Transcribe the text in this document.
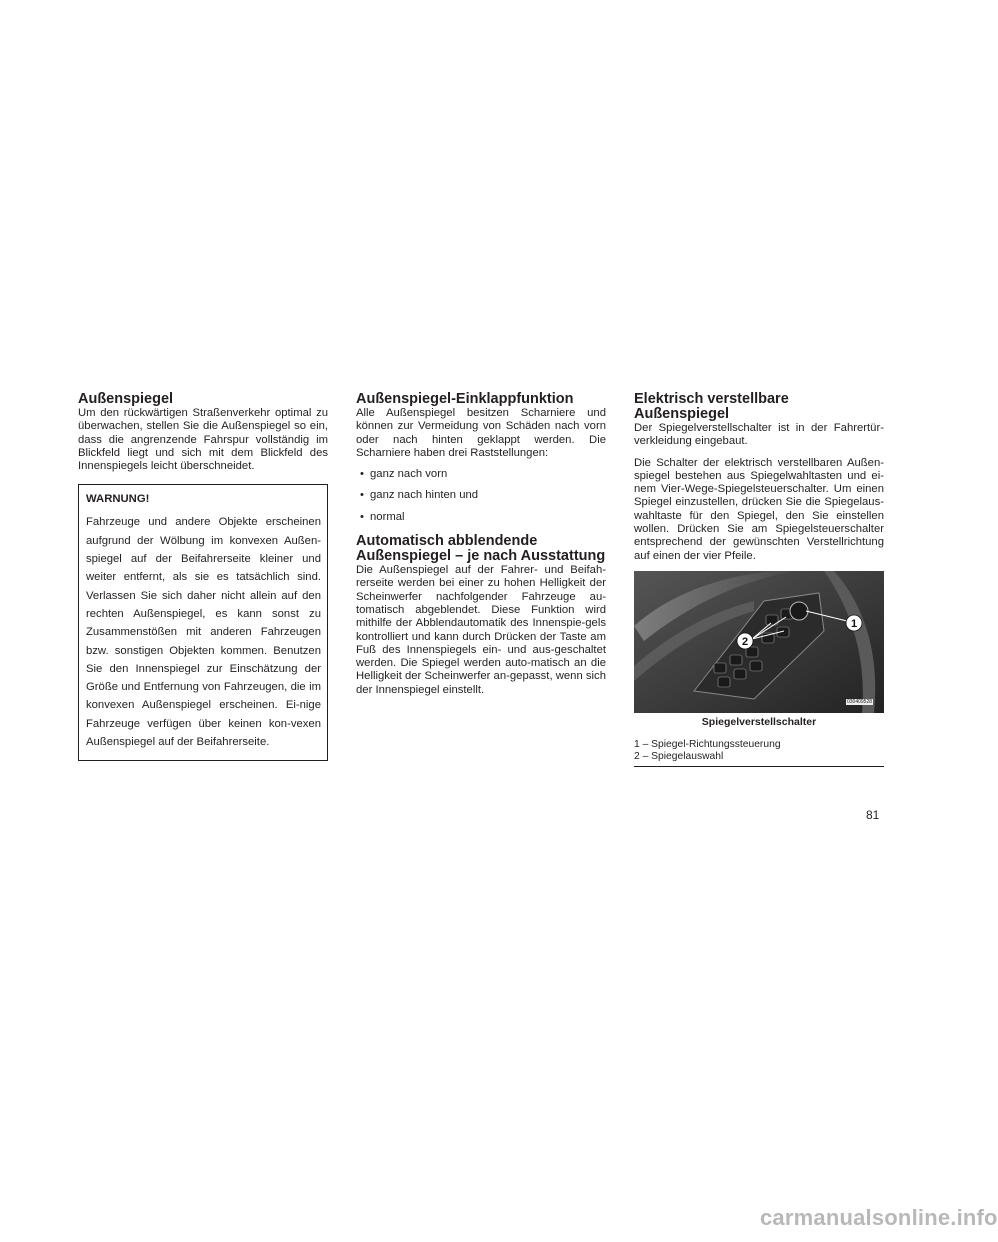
Außenspiegel

Um den rückwärtigen Straßenverkehr optimal zu überwachen, stellen Sie die Außenspiegel so ein, dass die angrenzende Fahrspur vollständig im Blickfeld liegt und sich mit dem Blickfeld des Innenspiegels leicht überschneidet.

WARNUNG!

Fahrzeuge und andere Objekte erscheinen aufgrund der Wölbung im konvexen Außen-spiegel auf der Beifahrerseite kleiner und weiter entfernt, als sie es tatsächlich sind. Verlassen Sie sich daher nicht allein auf den rechten Außenspiegel, es kann sonst zu Zusammenstößen mit anderen Fahrzeugen bzw. sonstigen Objekten kommen. Benutzen Sie den Innenspiegel zur Einschätzung der Größe und Entfernung von Fahrzeugen, die im konvexen Außenspiegel erscheinen. Ei-nige Fahrzeuge verfügen über keinen kon-vexen Außenspiegel auf der Beifahrerseite.

Außenspiegel-Einklappfunktion

Alle Außenspiegel besitzen Scharniere und können zur Vermeidung von Schäden nach vorn oder nach hinten geklappt werden. Die Scharniere haben drei Raststellungen:

• ganz nach vorn
• ganz nach hinten und
• normal
Automatisch abblendende
Außenspiegel – je nach Ausstattung

Die Außenspiegel auf der Fahrer- und Beifah-rerseite werden bei einer zu hohen Helligkeit der Scheinwerfer nachfolgender Fahrzeuge au-tomatisch abgeblendet. Diese Funktion wird mithilfe der Abblendautomatik des Innenspie-gels kontrolliert und kann durch Drücken der Taste am Fuß des Innenspiegels ein- und aus-geschaltet werden. Die Spiegel werden auto-matisch an die Helligkeit der Scheinwerfer an-gepasst, wenn sich der Innenspiegel einstellt.

Elektrisch verstellbare Außenspiegel

Der Spiegelverstellschalter ist in der Fahrertür-verkleidung eingebaut.

Die Schalter der elektrisch verstellbaren Außen-spiegel bestehen aus Spiegelwahltasten und ei-nem Vier-Wege-Spiegelsteuerschalter. Um einen Spiegel einzustellen, drücken Sie die Spiegelaus-wahltaste für den Spiegel, den Sie einstellen wollen. Drücken Sie am Spiegelsteuerschalter entsprechend der gewünschten Verstellrichtung auf einen der vier Pfeile.

1
2
030409528
Spiegelverstellschalter
1 – Spiegel-Richtungssteuerung
2 – Spiegelauswahl
81
carmanualsonline.info
